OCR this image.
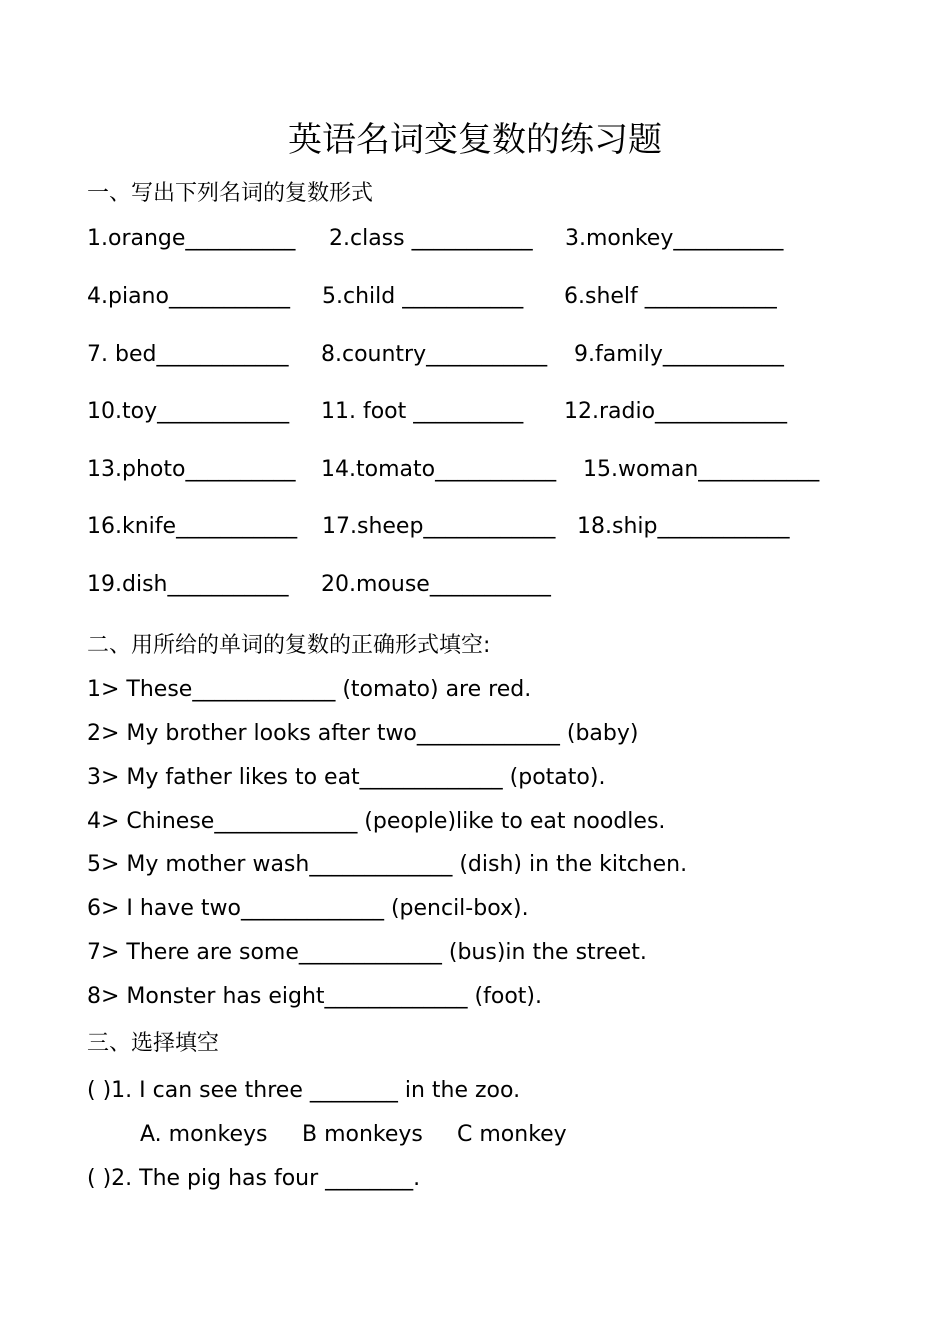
英语名词变复数的练习题
一、写出下列名词的复数形式
1.orange__________ 2.class ___________ 3.monkey__________
4.piano___________ 5.child ___________ 6.shelf ____________
7. bed____________ 8.country___________ 9.family___________
10.toy____________ 11. foot __________ 12.radio____________
13.photo__________ 14.tomato___________ 15.woman___________
16.knife___________ 17.sheep____________ 18.ship____________
19.dish___________ 20.mouse___________
二、用所给的单词的复数的正确形式填空:
1> These_____________ (tomato) are red.
2> My brother looks after two_____________ (baby)
3> My father likes to eat_____________ (potato).
4> Chinese_____________ (people)like to eat noodles.
5> My mother wash_____________ (dish) in the kitchen.
6> I have two_____________ (pencil-box).
7> There are some_____________ (bus)in the street.
8> Monster has eight_____________ (foot).
三、选择填空
( )1. I can see three ________ in the zoo.
A. monkeys B monkeys C monkey
( )2. The pig has four ________.
